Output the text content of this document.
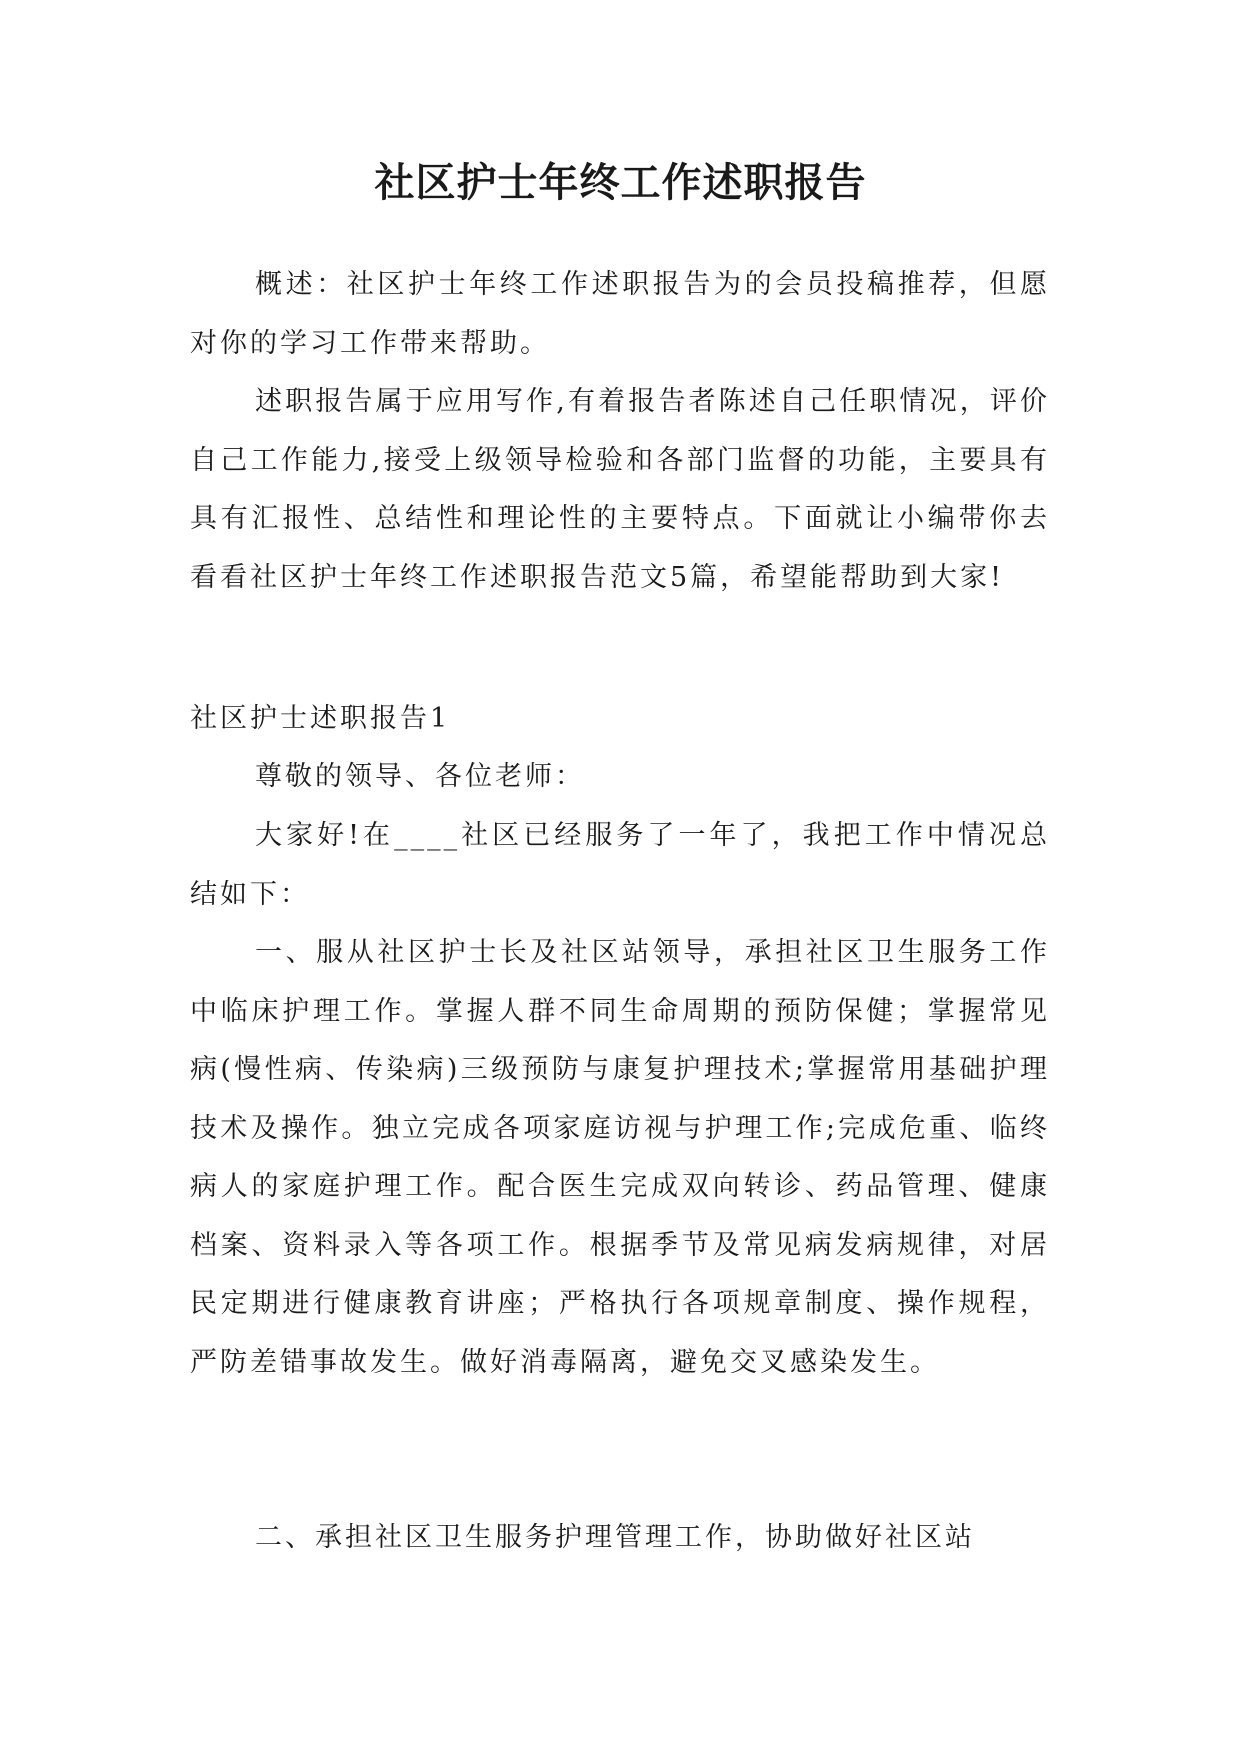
社区护士年终工作述职报告

概述：社区护士年终工作述职报告为的会员投稿推荐，但愿对你的学习工作带来帮助。

述职报告属于应用写作,有着报告者陈述自己任职情况，评价自己工作能力,接受上级领导检验和各部门监督的功能，主要具有具有汇报性、总结性和理论性的主要特点。下面就让小编带你去看看社区护士年终工作述职报告范文5篇，希望能帮助到大家!

社区护士述职报告1

尊敬的领导、各位老师：

大家好!在____社区已经服务了一年了，我把工作中情况总结如下：

一、服从社区护士长及社区站领导，承担社区卫生服务工作中临床护理工作。掌握人群不同生命周期的预防保健；掌握常见病(慢性病、传染病)三级预防与康复护理技术;掌握常用基础护理技术及操作。独立完成各项家庭访视与护理工作;完成危重、临终病人的家庭护理工作。配合医生完成双向转诊、药品管理、健康档案、资料录入等各项工作。根据季节及常见病发病规律，对居民定期进行健康教育讲座；严格执行各项规章制度、操作规程，严防差错事故发生。做好消毒隔离，避免交叉感染发生。

二、承担社区卫生服务护理管理工作，协助做好社区站
